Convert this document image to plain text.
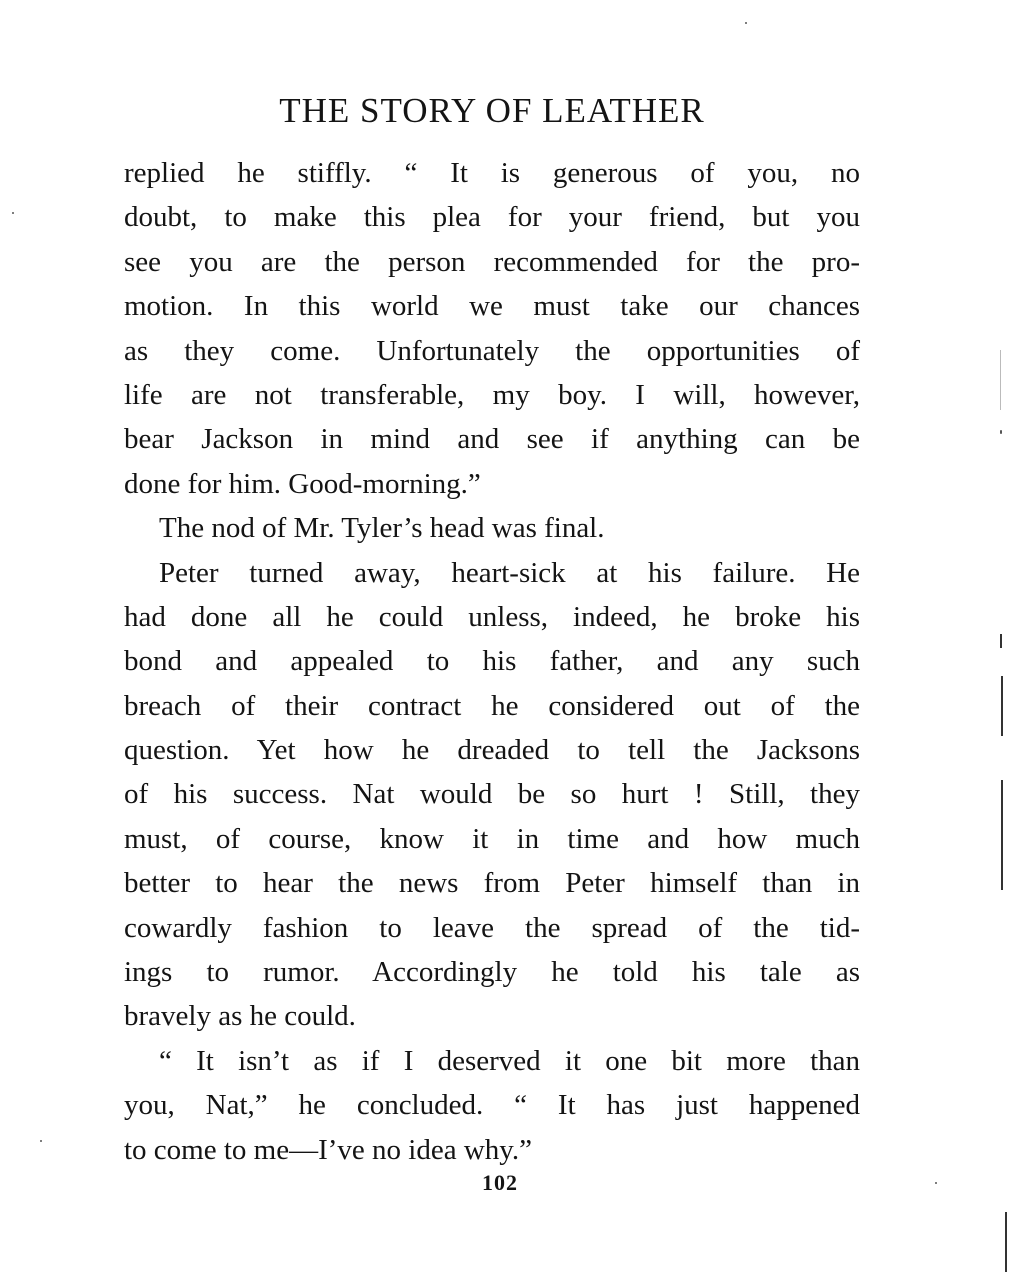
THE STORY OF LEATHER
replied he stiffly. “ It is generous of you, no
doubt, to make this plea for your friend, but you
see you are the person recommended for the pro-
motion. In this world we must take our chances
as they come. Unfortunately the opportunities of
life are not transferable, my boy. I will, however,
bear Jackson in mind and see if anything can be
done for him. Good-morning.”
The nod of Mr. Tyler’s head was final.
Peter turned away, heart-sick at his failure. He
had done all he could unless, indeed, he broke his
bond and appealed to his father, and any such
breach of their contract he considered out of the
question. Yet how he dreaded to tell the Jacksons
of his success. Nat would be so hurt ! Still, they
must, of course, know it in time and how much
better to hear the news from Peter himself than in
cowardly fashion to leave the spread of the tid-
ings to rumor. Accordingly he told his tale as
bravely as he could.
“ It isn’t as if I deserved it one bit more than
you, Nat,” he concluded. “ It has just happened
to come to me—I’ve no idea why.”
102
